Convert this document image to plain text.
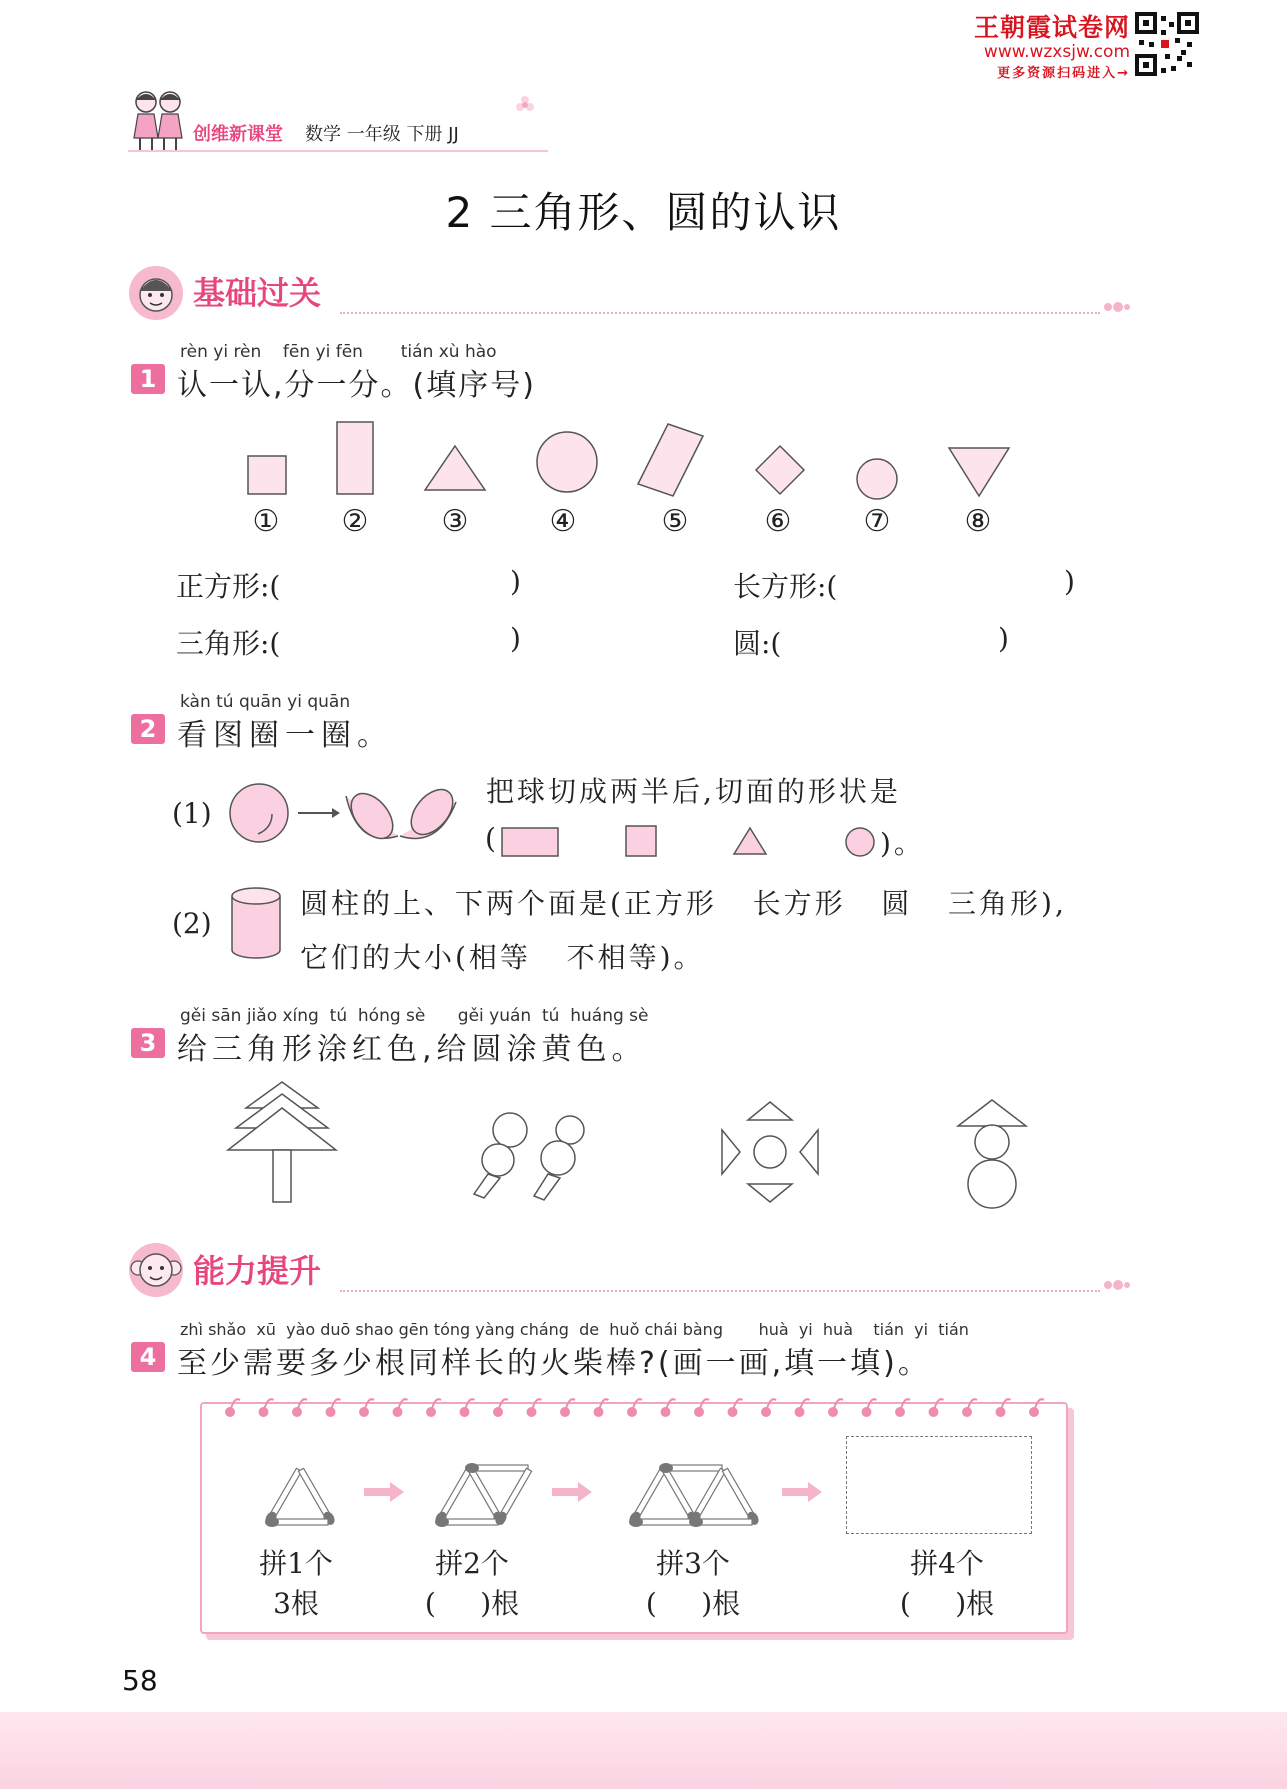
王朝霞试卷网
www.wzxsjw.com
更多资源扫码进入→
创维新课堂 数学 一年级 下册 JJ
2 三角形、圆的认识
基础过关
rèn yi rèn    fēn yi fēn       tián xù hào
1 认一认,分一分。(填序号)
① ② ③	④	⑤	⑥ ⑦ ⑧
正方形:(	)	长方形:(	)
三角形:(	)	圆:(	)
kàn tú quān yi quān
2 看图圈一圈。
(1)
把球切成两半后,切面的形状是
(	)。
(2)
圆柱的上、下两个面是(正方形   长方形   圆   三角形),
它们的大小(相等   不相等)。
gěi sān jiǎo xíng  tú  hóng sè      gěi yuán  tú  huáng sè
3 给三角形涂红色,给圆涂黄色。
能力提升
zhì shǎo  xū  yào duō shao gēn tóng yàng cháng  de  huǒ chái bàng       huà  yi  huà    tián  yi  tián
4 至少需要多少根同样长的火柴棒?(画一画,填一填)。
拼1个
3根
拼2个
(     )根
拼3个
(     )根
拼4个
(     )根
58
